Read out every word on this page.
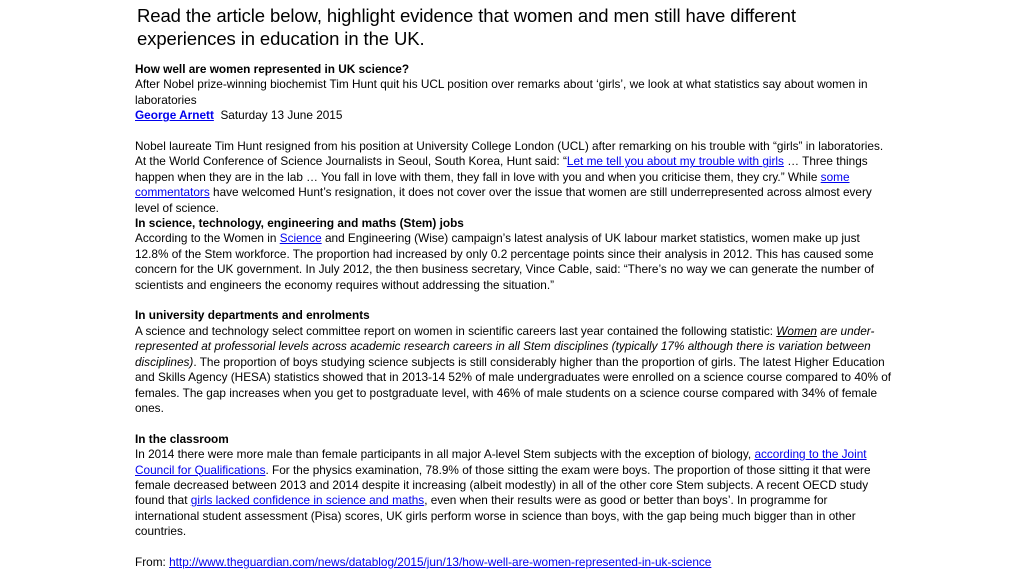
Read the article below, highlight evidence that women and men still have different experiences in education in the UK.

How well are women represented in UK science?

After Nobel prize-winning biochemist Tim Hunt quit his UCL position over remarks about ‘girls’, we look at what statistics say about women in laboratories

George Arnett Saturday 13 June 2015

Nobel laureate Tim Hunt resigned from his position at University College London (UCL) after remarking on his trouble with “girls” in laboratories. At the World Conference of Science Journalists in Seoul, South Korea, Hunt said: “Let me tell you about my trouble with girls … Three things happen when they are in the lab … You fall in love with them, they fall in love with you and when you criticise them, they cry.” While some commentators have welcomed Hunt’s resignation, it does not cover over the issue that women are still underrepresented across almost every level of science.

In science, technology, engineering and maths (Stem) jobs

According to the Women in Science and Engineering (Wise) campaign’s latest analysis of UK labour market statistics, women make up just 12.8% of the Stem workforce. The proportion had increased by only 0.2 percentage points since their analysis in 2012. This has caused some concern for the UK government. In July 2012, the then business secretary, Vince Cable, said: “There’s no way we can generate the number of scientists and engineers the economy requires without addressing the situation.”

In university departments and enrolments

A science and technology select committee report on women in scientific careers last year contained the following statistic: Women are under-represented at professorial levels across academic research careers in all Stem disciplines (typically 17% although there is variation between disciplines). The proportion of boys studying science subjects is still considerably higher than the proportion of girls. The latest Higher Education and Skills Agency (HESA) statistics showed that in 2013-14 52% of male undergraduates were enrolled on a science course compared to 40% of females. The gap increases when you get to postgraduate level, with 46% of male students on a science course compared with 34% of female ones.

In the classroom

In 2014 there were more male than female participants in all major A-level Stem subjects with the exception of biology, according to the Joint Council for Qualifications. For the physics examination, 78.9% of those sitting the exam were boys. The proportion of those sitting it that were female decreased between 2013 and 2014 despite it increasing (albeit modestly) in all of the other core Stem subjects. A recent OECD study found that girls lacked confidence in science and maths, even when their results were as good or better than boys’. In programme for international student assessment (Pisa) scores, UK girls perform worse in science than boys, with the gap being much bigger than in other countries.

From: http://www.theguardian.com/news/datablog/2015/jun/13/how-well-are-women-represented-in-uk-science
